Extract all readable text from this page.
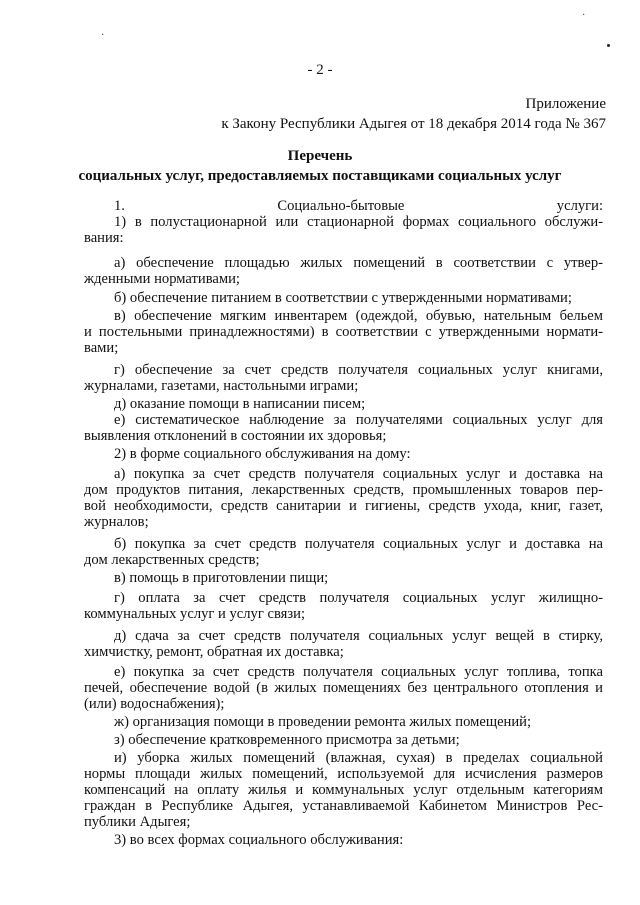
·
·
- 2 -
Приложение
к Закону Республики Адыгея от 18 декабря 2014 года № 367
Перечень
социальных услуг, предоставляемых поставщиками социальных услуг
1. Социально-бытовые услуги:
1) в полустационарной или стационарной формах социального обслужи-
вания:
а) обеспечение площадью жилых помещений в соответствии с утвер-
жденными нормативами;
б) обеспечение питанием в соответствии с утвержденными нормативами;
в) обеспечение мягким инвентарем (одеждой, обувью, нательным бельем
и постельными принадлежностями) в соответствии с утвержденными нормати-
вами;
г) обеспечение за счет средств получателя социальных услуг книгами,
журналами, газетами, настольными играми;
д) оказание помощи в написании писем;
е) систематическое наблюдение за получателями социальных услуг для
выявления отклонений в состоянии их здоровья;
2) в форме социального обслуживания на дому:
а) покупка за счет средств получателя социальных услуг и доставка на
дом продуктов питания, лекарственных средств, промышленных товаров пер-
вой необходимости, средств санитарии и гигиены, средств ухода, книг, газет,
журналов;
б) покупка за счет средств получателя социальных услуг и доставка на
дом лекарственных средств;
в) помощь в приготовлении пищи;
г) оплата за счет средств получателя социальных услуг жилищно-
коммунальных услуг и услуг связи;
д) сдача за счет средств получателя социальных услуг вещей в стирку,
химчистку, ремонт, обратная их доставка;
е) покупка за счет средств получателя социальных услуг топлива, топка
печей, обеспечение водой (в жилых помещениях без центрального отопления и
(или) водоснабжения);
ж) организация помощи в проведении ремонта жилых помещений;
з) обеспечение кратковременного присмотра за детьми;
и) уборка жилых помещений (влажная, сухая) в пределах социальной
нормы площади жилых помещений, используемой для исчисления размеров
компенсаций на оплату жилья и коммунальных услуг отдельным категориям
граждан в Республике Адыгея, устанавливаемой Кабинетом Министров Рес-
публики Адыгея;
3) во всех формах социального обслуживания:
